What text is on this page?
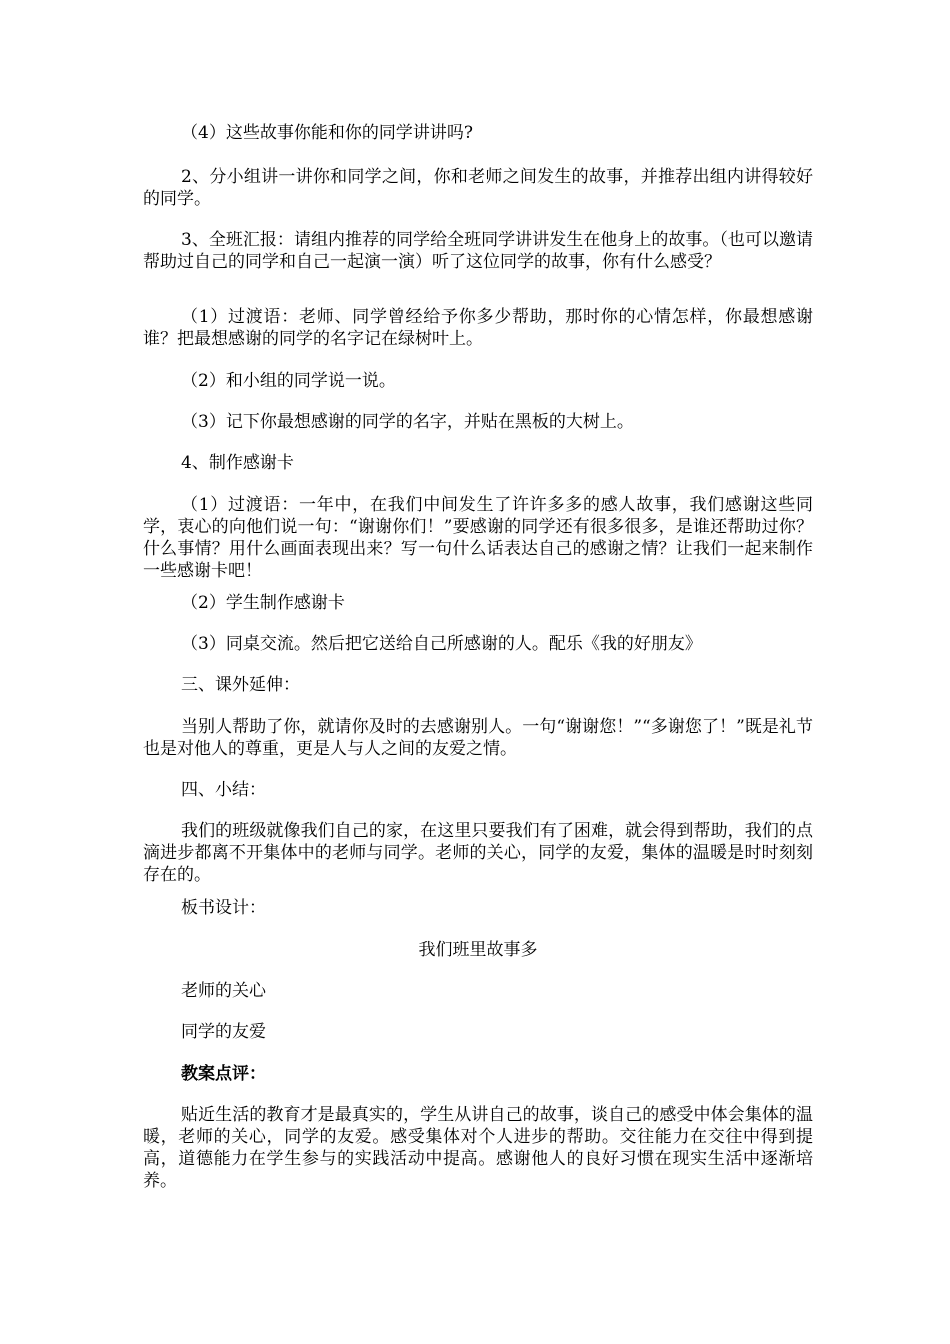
（4）这些故事你能和你的同学讲讲吗?
2、分小组讲一讲你和同学之间，你和老师之间发生的故事，并推荐出组内讲得较好的同学。
3、全班汇报：请组内推荐的同学给全班同学讲讲发生在他身上的故事。（也可以邀请帮助过自己的同学和自己一起演一演）听了这位同学的故事，你有什么感受？
（1）过渡语：老师、同学曾经给予你多少帮助，那时你的心情怎样，你最想感谢谁？把最想感谢的同学的名字记在绿树叶上。
（2）和小组的同学说一说。
（3）记下你最想感谢的同学的名字，并贴在黑板的大树上。
4、制作感谢卡
（1）过渡语：一年中，在我们中间发生了许许多多的感人故事，我们感谢这些同学，衷心的向他们说一句：“谢谢你们！”要感谢的同学还有很多很多，是谁还帮助过你？什么事情？用什么画面表现出来？写一句什么话表达自己的感谢之情？让我们一起来制作一些感谢卡吧！
（2）学生制作感谢卡
（3）同桌交流。然后把它送给自己所感谢的人。配乐《我的好朋友》
三、课外延伸：
当别人帮助了你，就请你及时的去感谢别人。一句“谢谢您！”“多谢您了！”既是礼节也是对他人的尊重，更是人与人之间的友爱之情。
四、小结：
我们的班级就像我们自己的家，在这里只要我们有了困难，就会得到帮助，我们的点滴进步都离不开集体中的老师与同学。老师的关心，同学的友爱，集体的温暖是时时刻刻存在的。
板书设计：
我们班里故事多
老师的关心
同学的友爱
教案点评：
贴近生活的教育才是最真实的，学生从讲自己的故事，谈自己的感受中体会集体的温暖，老师的关心，同学的友爱。感受集体对个人进步的帮助。交往能力在交往中得到提高，道德能力在学生参与的实践活动中提高。感谢他人的良好习惯在现实生活中逐渐培养。
